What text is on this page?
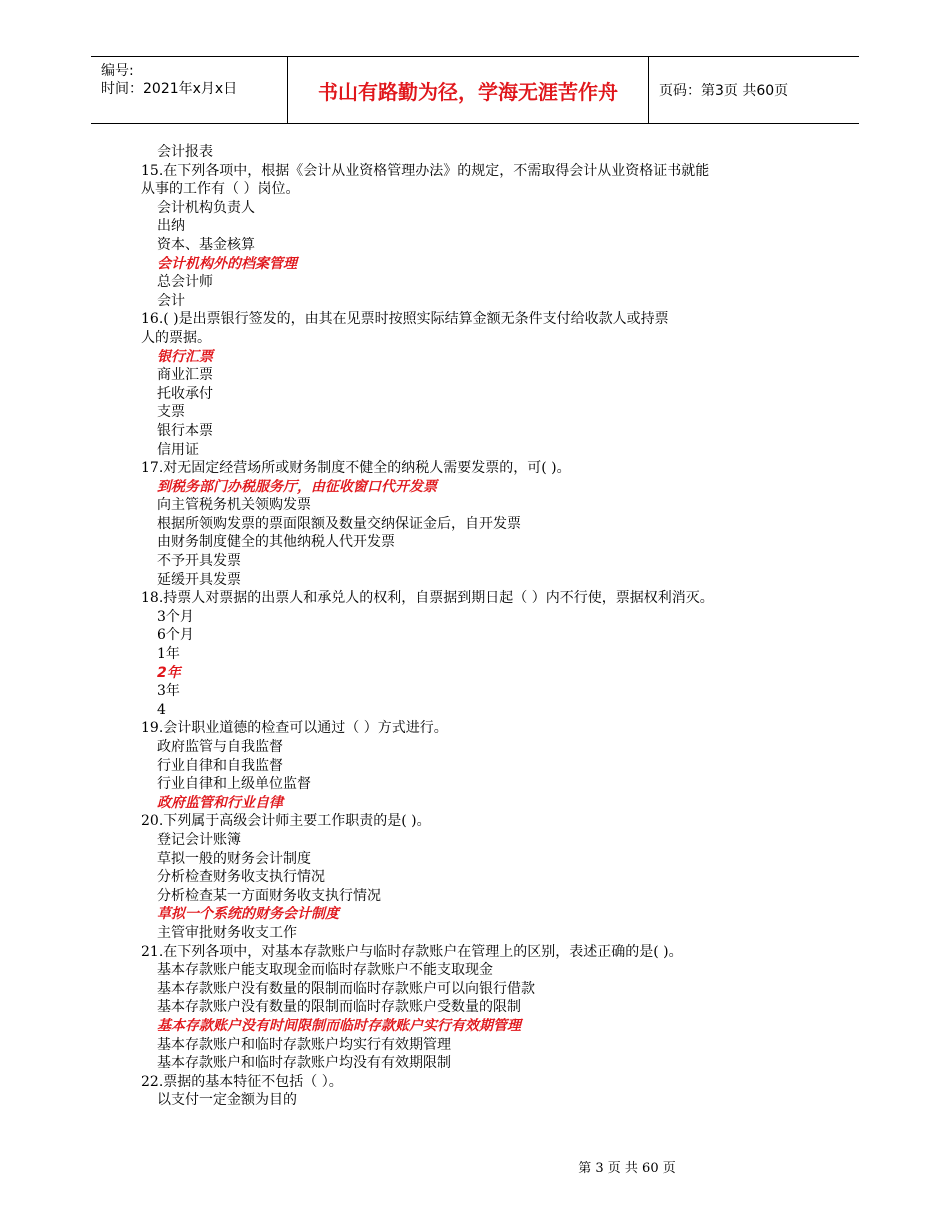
编号:
时间：2021年x月x日	书山有路勤为径，学海无涯苦作舟	页码：第3页 共60页
会计报表
15.在下列各项中，根据《会计从业资格管理办法》的规定，不需取得会计从业资格证书就能
从事的工作有（ ）岗位。
会计机构负责人
出纳
资本、基金核算
会计机构外的档案管理
总会计师
会计
16.( )是出票银行签发的，由其在见票时按照实际结算金额无条件支付给收款人或持票
人的票据。
银行汇票
商业汇票
托收承付
支票
银行本票
信用证
17.对无固定经营场所或财务制度不健全的纳税人需要发票的，可( )。
到税务部门办税服务厅，由征收窗口代开发票
向主管税务机关领购发票
根据所领购发票的票面限额及数量交纳保证金后，自开发票
由财务制度健全的其他纳税人代开发票
不予开具发票
延缓开具发票
18.持票人对票据的出票人和承兑人的权利，自票据到期日起（ ）内不行使，票据权利消灭。
3个月
6个月
1年
2年
3年
4
19.会计职业道德的检查可以通过（ ）方式进行。
政府监管与自我监督
行业自律和自我监督
行业自律和上级单位监督
政府监管和行业自律
20.下列属于高级会计师主要工作职责的是( )。
登记会计账簿
草拟一般的财务会计制度
分析检查财务收支执行情况
分析检查某一方面财务收支执行情况
草拟一个系统的财务会计制度
主管审批财务收支工作
21.在下列各项中，对基本存款账户与临时存款账户在管理上的区别，表述正确的是( )。
基本存款账户能支取现金而临时存款账户不能支取现金
基本存款账户没有数量的限制而临时存款账户可以向银行借款
基本存款账户没有数量的限制而临时存款账户受数量的限制
基本存款账户没有时间限制而临时存款账户实行有效期管理
基本存款账户和临时存款账户均实行有效期管理
基本存款账户和临时存款账户均没有有效期限制
22.票据的基本特征不包括（ ）。
以支付一定金额为目的
第 3 页 共 60 页
